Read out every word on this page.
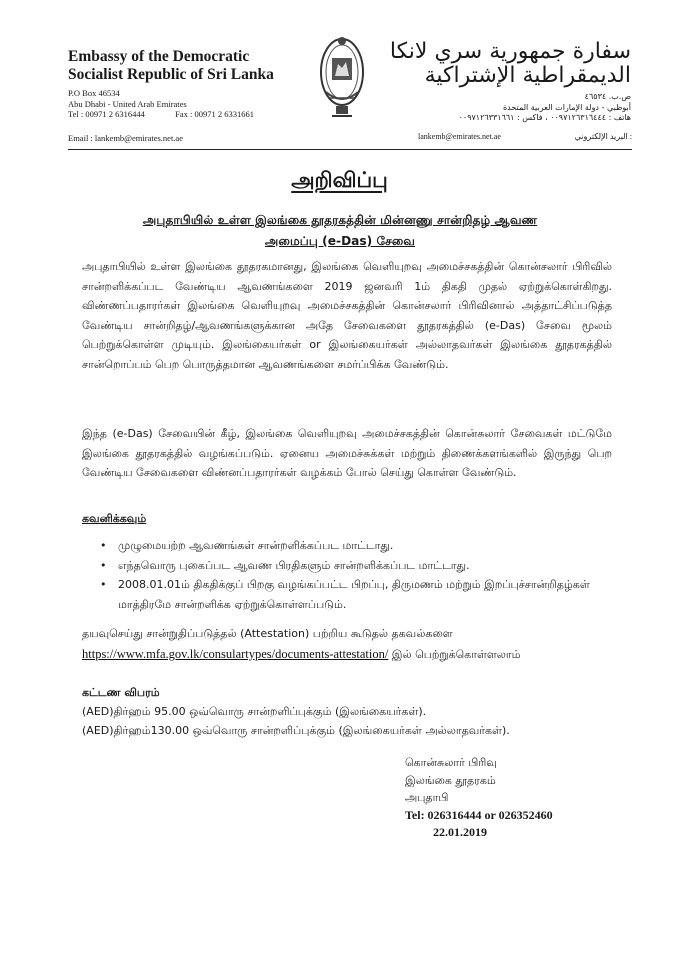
Embassy of the Democratic
Socialist Republic of Sri Lanka
P.O Box 46534
Abu Dhabi - United Arab Emirates
Tel : 00971 2 6316444	Fax : 00971 2 6331661
Email : lankemb@emirates.net.ae
سفارة جمهورية سري لانكا
الديمقراطية الإشتراكية
ص.ب. ٤٦٥٣٤
أبوظبي - دولة الإمارات العربية المتحدة
هاتف : ٠٠٩٧١٢٦٣١٦٤٤٤ ، فاكس : ٠٠٩٧١٢٦٣٣١٦٦١
lankemb@emirates.net.ae	البريد الإلكتروني :
அறிவிப்பு
அபுதாபியில் உள்ள இலங்கை தூதரகத்தின் மின்னணு சான்றிதழ் ஆவண
அமைப்பு (e-Das) சேவை
அபுதாபியில் உள்ள இலங்கை தூதரகமானது, இலங்கை வெளியுறவு அமைச்சகத்தின் கொன்சலார் பிரிவில் சான்றளிக்கப்பட வேண்டிய ஆவணங்களை 2019 ஜனவரி 1ம் திகதி முதல் ஏற்றுக்கொள்கிறது. விண்ணப்பதாரர்கள் இலங்கை வெளியுறவு அமைச்சகத்தின் கொன்சலார் பிரிவினால் அத்தாட்சிப்படுத்த வேண்டிய சான்றிதழ்/ஆவணங்களுக்கான அதே சேவைகளை தூதரகத்தில் (e-Das) சேவை மூலம் பெற்றுக்கொள்ள முடியும். இலங்கையர்கள் or இலங்கையர்கள் அல்லாதவர்கள் இலங்கை தூதரகத்தில் சான்றொப்பம் பெற பொருத்தமான ஆவணங்களை சமர்ப்பிக்க வேண்டும்.
இந்த (e-Das) சேவையின் கீழ், இலங்கை வெளியுறவு அமைச்சகத்தின் கொன்சுலார் சேவைகள் மட்டுமே இலங்கை தூதரகத்தில் வழங்கப்படும். ஏனைய அமைச்சுக்கள் மற்றும் திணைக்களங்களில் இருந்து பெற வேண்டிய சேவைகளை விண்னப்பதாரர்கள் வழக்கம் போல் செய்து கொள்ள வேண்டும்.
கவனிக்கவும்
• முழுமையற்ற ஆவணங்கள் சான்றளிக்கப்பட மாட்டாது.
• எந்தவொரு புகைப்பட ஆவண பிரதிகளும் சான்றளிக்கப்பட மாட்டாது.
• 2008.01.01ம் திகதிக்குப் பிறகு வழங்கப்பட்ட பிறப்பு, திருமணம் மற்றும் இறப்புச்சான்றிதழ்கள் மாத்திரமே சான்றளிக்க ஏற்றுக்கொள்ளப்படும்.
தயவுசெய்து சான்றுதிப்படுத்தல் (Attestation) பற்றிய கூடுதல் தகவல்களை
https://www.mfa.gov.lk/consulartypes/documents-attestation/ இல் பெற்றுக்கொள்ளலாம்
கட்டண விபரம்
(AED)திர்ஹம் 95.00 ஒவ்வொரு சான்றளிப்புக்கும் (இலங்கையர்கள்).
(AED)திர்ஹம்130.00 ஒவ்வொரு சான்றளிப்புக்கும் (இலங்கையர்கள் அல்லாதவர்கள்).
கொன்சுலார் பிரிவு
இலங்கை தூதரகம்
அபுதாபி
Tel: 026316444 or 026352460
22.01.2019
